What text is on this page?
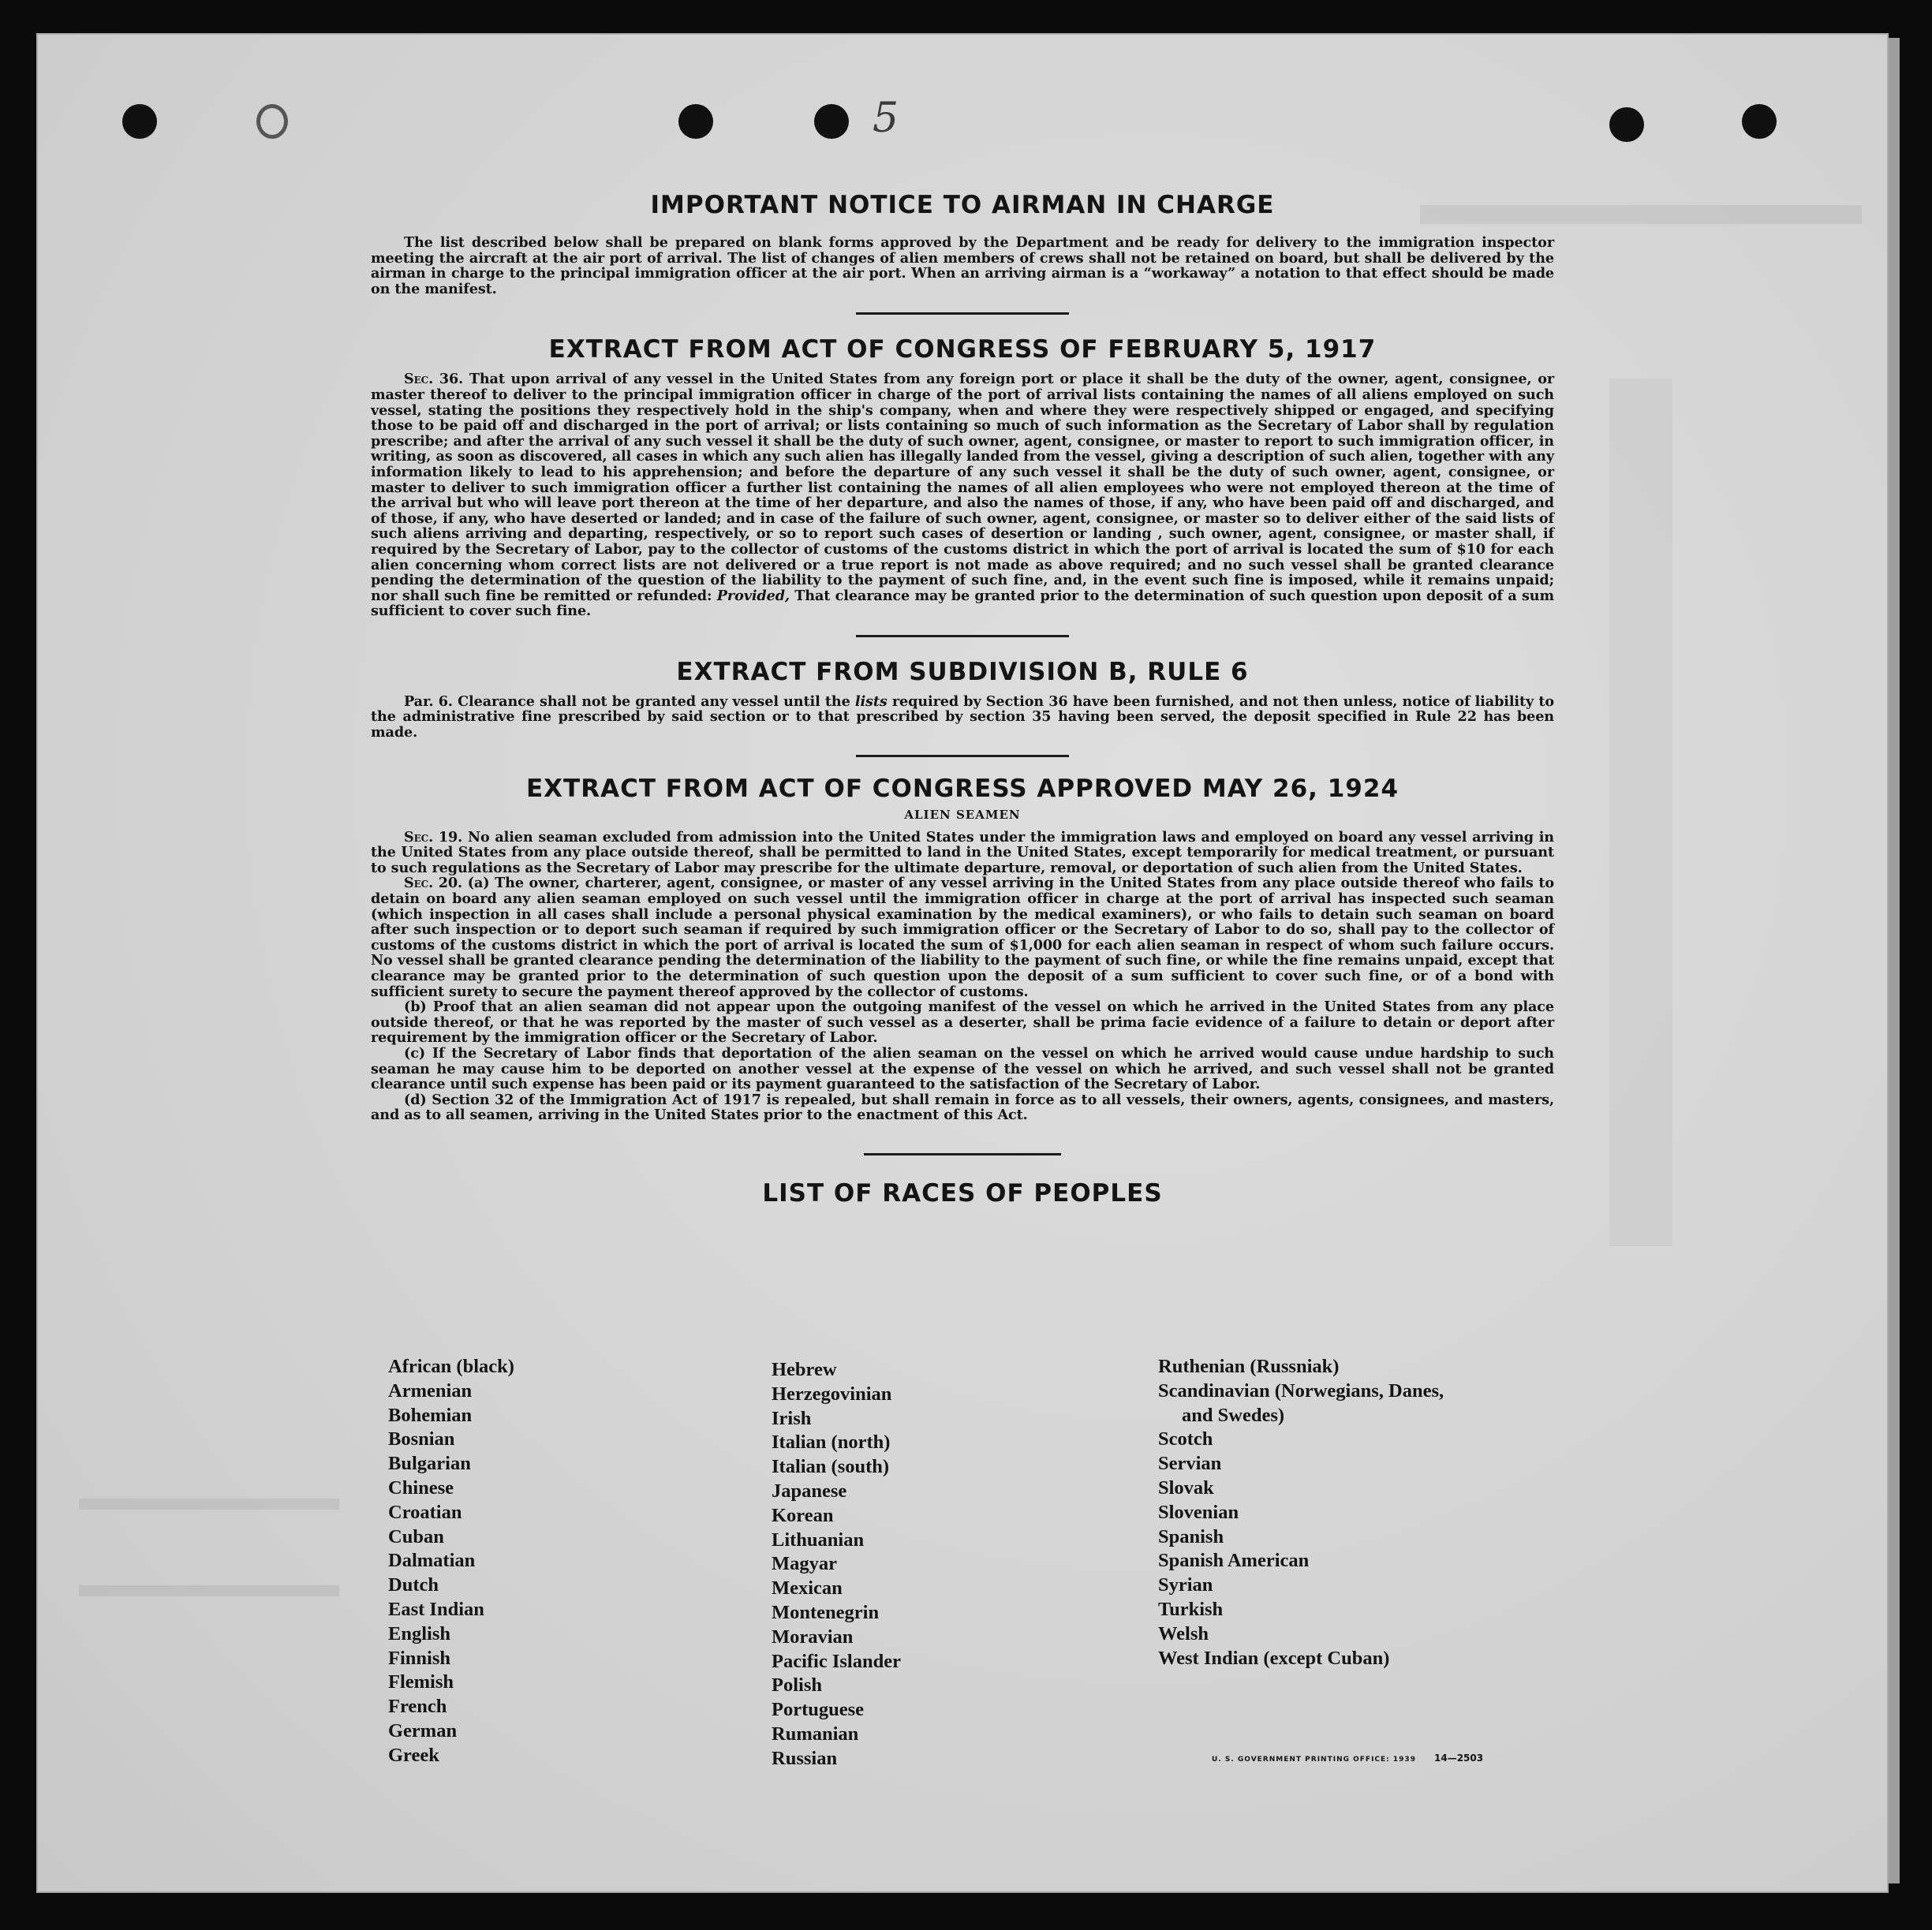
5
IMPORTANT NOTICE TO AIRMAN IN CHARGE

The list described below shall be prepared on blank forms approved by the Department and be ready for delivery to the immigration inspector meeting the aircraft at the air port of arrival. The list of changes of alien members of crews shall not be retained on board, but shall be delivered by the airman in charge to the principal immigration officer at the air port. When an arriving airman is a “workaway” a notation to that effect should be made on the manifest.

EXTRACT FROM ACT OF CONGRESS OF FEBRUARY 5, 1917

Sec. 36. That upon arrival of any vessel in the United States from any foreign port or place it shall be the duty of the owner, agent, consignee, or master thereof to deliver to the principal immigration officer in charge of the port of arrival lists containing the names of all aliens employed on such vessel, stating the positions they respectively hold in the ship's company, when and where they were respectively shipped or engaged, and specifying those to be paid off and discharged in the port of arrival; or lists containing so much of such information as the Secretary of Labor shall by regulation prescribe; and after the arrival of any such vessel it shall be the duty of such owner, agent, consignee, or master to report to such immigration officer, in writing, as soon as discovered, all cases in which any such alien has illegally landed from the vessel, giving a description of such alien, together with any information likely to lead to his apprehension; and before the departure of any such vessel it shall be the duty of such owner, agent, consignee, or master to deliver to such immigration officer a further list containing the names of all alien employees who were not employed thereon at the time of the arrival but who will leave port thereon at the time of her departure, and also the names of those, if any, who have been paid off and discharged, and of those, if any, who have deserted or landed; and in case of the failure of such owner, agent, consignee, or master so to deliver either of the said lists of such aliens arriving and departing, respectively, or so to report such cases of desertion or landing , such owner, agent, consignee, or master shall, if required by the Secretary of Labor, pay to the collector of customs of the customs district in which the port of arrival is located the sum of $10 for each alien concerning whom correct lists are not delivered or a true report is not made as above required; and no such vessel shall be granted clearance pending the determination of the question of the liability to the payment of such fine, and, in the event such fine is imposed, while it remains unpaid; nor shall such fine be remitted or refunded: Provided, That clearance may be granted prior to the determination of such question upon deposit of a sum sufficient to cover such fine.

EXTRACT FROM SUBDIVISION B, RULE 6

Par. 6. Clearance shall not be granted any vessel until the lists required by Section 36 have been furnished, and not then unless, notice of liability to the administrative fine prescribed by said section or to that prescribed by section 35 having been served, the deposit specified in Rule 22 has been made.

EXTRACT FROM ACT OF CONGRESS APPROVED MAY 26, 1924
ALIEN SEAMEN

Sec. 19. No alien seaman excluded from admission into the United States under the immigration laws and employed on board any vessel arriving in the United States from any place outside thereof, shall be permitted to land in the United States, except temporarily for medical treatment, or pursuant to such regulations as the Secretary of Labor may prescribe for the ultimate departure, removal, or deportation of such alien from the United States.

Sec. 20. (a) The owner, charterer, agent, consignee, or master of any vessel arriving in the United States from any place outside thereof who fails to detain on board any alien seaman employed on such vessel until the immigration officer in charge at the port of arrival has inspected such seaman (which inspection in all cases shall include a personal physical examination by the medical examiners), or who fails to detain such seaman on board after such inspection or to deport such seaman if required by such immigration officer or the Secretary of Labor to do so, shall pay to the collector of customs of the customs district in which the port of arrival is located the sum of $1,000 for each alien seaman in respect of whom such failure occurs. No vessel shall be granted clearance pending the determination of the liability to the payment of such fine, or while the fine remains unpaid, except that clearance may be granted prior to the determination of such question upon the deposit of a sum sufficient to cover such fine, or of a bond with sufficient surety to secure the payment thereof approved by the collector of customs.

(b) Proof that an alien seaman did not appear upon the outgoing manifest of the vessel on which he arrived in the United States from any place outside thereof, or that he was reported by the master of such vessel as a deserter, shall be prima facie evidence of a failure to detain or deport after requirement by the immigration officer or the Secretary of Labor.

(c) If the Secretary of Labor finds that deportation of the alien seaman on the vessel on which he arrived would cause undue hardship to such seaman he may cause him to be deported on another vessel at the expense of the vessel on which he arrived, and such vessel shall not be granted clearance until such expense has been paid or its payment guaranteed to the satisfaction of the Secretary of Labor.

(d) Section 32 of the Immigration Act of 1917 is repealed, but shall remain in force as to all vessels, their owners, agents, consignees, and masters, and as to all seamen, arriving in the United States prior to the enactment of this Act.

LIST OF RACES OF PEOPLES
African (black)
Armenian
Bohemian
Bosnian
Bulgarian
Chinese
Croatian
Cuban
Dalmatian
Dutch
East Indian
English
Finnish
Flemish
French
German
Greek
Hebrew
Herzegovinian
Irish
Italian (north)
Italian (south)
Japanese
Korean
Lithuanian
Magyar
Mexican
Montenegrin
Moravian
Pacific Islander
Polish
Portuguese
Rumanian
Russian
Ruthenian (Russniak)
Scandinavian (Norwegians, Danes,
and Swedes)
Scotch
Servian
Slovak
Slovenian
Spanish
Spanish American
Syrian
Turkish
Welsh
West Indian (except Cuban)
U. S. GOVERNMENT PRINTING OFFICE: 1939 14—2503
